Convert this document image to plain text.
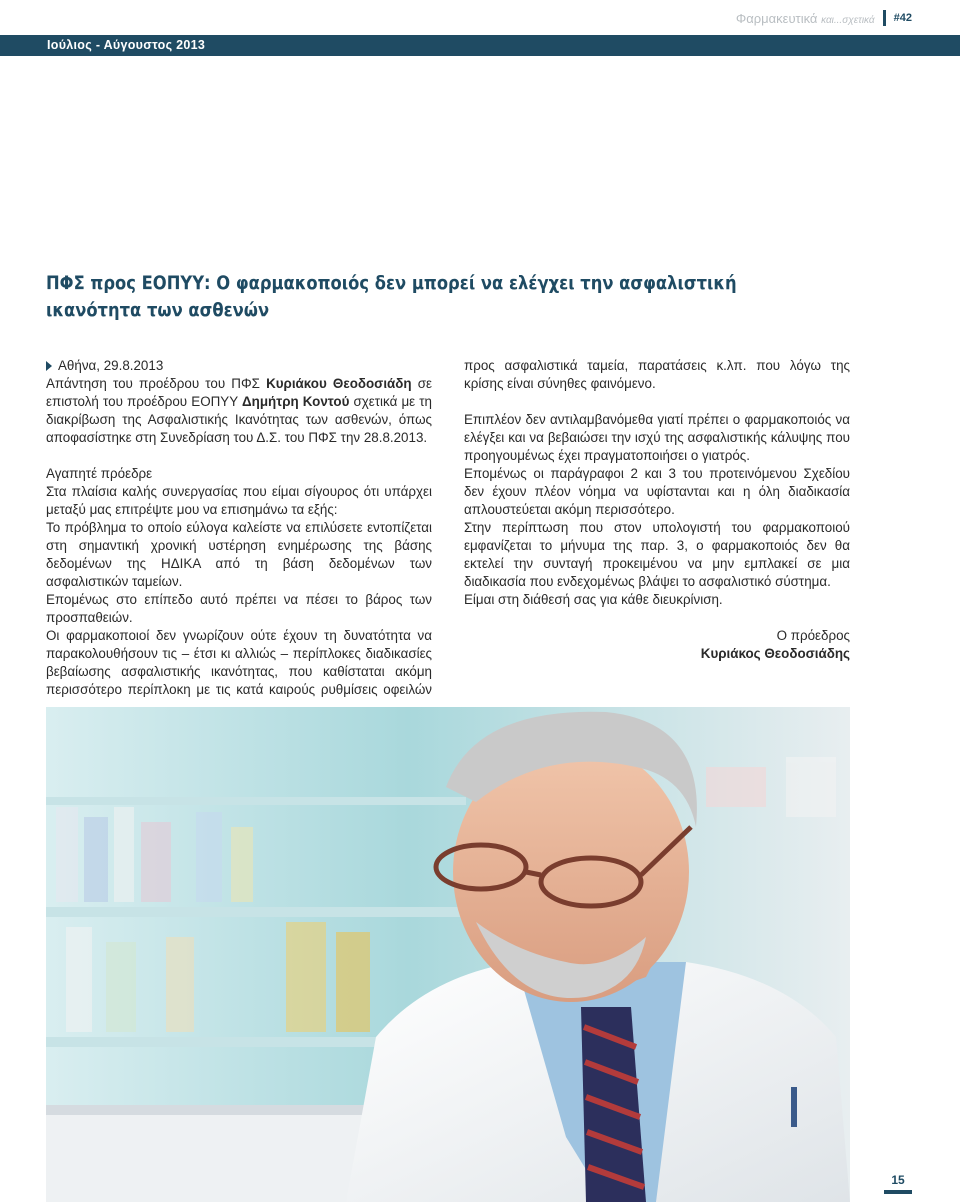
Φαρμακευτικά και...σχετικά #42
Ιούλιος - Αύγουστος 2013
ΠΦΣ προς ΕΟΠΥΥ: Ο φαρμακοποιός δεν μπορεί να ελέγχει την ασφαλιστική ικανότητα των ασθενών

Αθήνα, 29.8.2013

Απάντηση του προέδρου του ΠΦΣ Κυριάκου Θεοδοσιάδη σε επιστολή του προέδρου ΕΟΠΥΥ Δημήτρη Κοντού σχετικά με τη διακρίβωση της Ασφαλιστικής Ικανότητας των ασθενών, όπως αποφασίστηκε στη Συνεδρίαση του Δ.Σ. του ΠΦΣ την 28.8.2013.

Αγαπητέ πρόεδρε

Στα πλαίσια καλής συνεργασίας που είμαι σίγουρος ότι υπάρχει μεταξύ μας επιτρέψτε μου να επισημάνω τα εξής:

Το πρόβλημα το οποίο εύλογα καλείστε να επιλύσετε εντοπίζεται στη σημαντική χρονική υστέρηση ενημέρωσης της βάσης δεδομένων της ΗΔΙΚΑ από τη βάση δεδομένων των ασφαλιστικών ταμείων.

Επομένως στο επίπεδο αυτό πρέπει να πέσει το βάρος των προσπαθειών.

Οι φαρμακοποιοί δεν γνωρίζουν ούτε έχουν τη δυνατότητα να παρακολουθήσουν τις – έτσι κι αλλιώς – περίπλοκες διαδικασίες βεβαίωσης ασφαλιστικής ικανότητας, που καθίσταται ακόμη περισσότερο περίπλοκη με τις κατά καιρούς ρυθμίσεις οφειλών

προς ασφαλιστικά ταμεία, παρατάσεις κ.λπ. που λόγω της κρίσης είναι σύνηθες φαινόμενο.

Επιπλέον δεν αντιλαμβανόμεθα γιατί πρέπει ο φαρμακοποιός να ελέγξει και να βεβαιώσει την ισχύ της ασφαλιστικής κάλυψης που προηγουμένως έχει πραγματοποιήσει ο γιατρός.

Επομένως οι παράγραφοι 2 και 3 του προτεινόμενου Σχεδίου δεν έχουν πλέον νόημα να υφίστανται και η όλη διαδικασία απλουστεύεται ακόμη περισσότερο.

Στην περίπτωση που στον υπολογιστή του φαρμακοποιού εμφανίζεται το μήνυμα της παρ. 3, ο φαρμακοποιός δεν θα εκτελεί την συνταγή προκειμένου να μην εμπλακεί σε μια διαδικασία που ενδεχομένως βλάψει το ασφαλιστικό σύστημα.

Είμαι στη διάθεσή σας για κάθε διευκρίνιση.

Ο πρόεδρος
Κυριάκος Θεοδοσιάδης
15
